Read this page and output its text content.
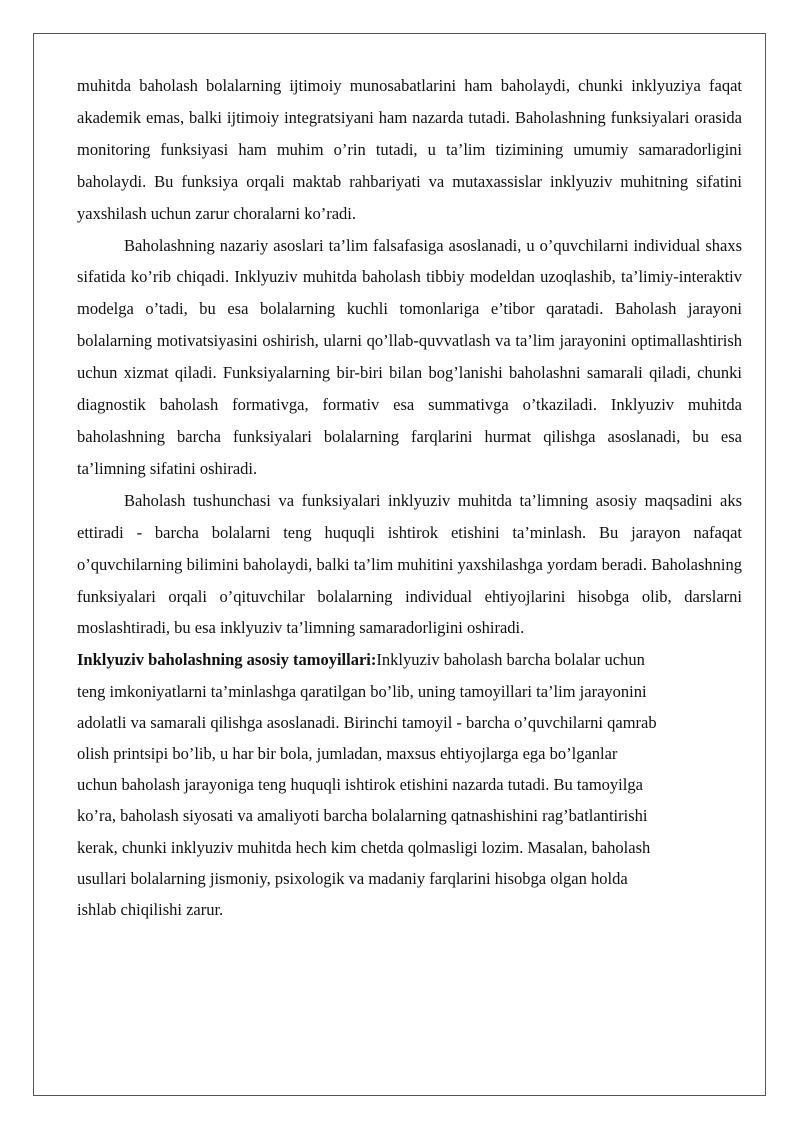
muhitda baholash bolalarning ijtimoiy munosabatlarini ham baholaydi, chunki inklyuziya faqat akademik emas, balki ijtimoiy integratsiyani ham nazarda tutadi. Baholashning funksiyalari orasida monitoring funksiyasi ham muhim o’rin tutadi, u ta’lim tizimining umumiy samaradorligini baholaydi. Bu funksiya orqali maktab rahbariyati va mutaxassislar inklyuziv muhitning sifatini yaxshilash uchun zarur choralarni ko’radi.

Baholashning nazariy asoslari ta’lim falsafasiga asoslanadi, u o’quvchilarni individual shaxs sifatida ko’rib chiqadi. Inklyuziv muhitda baholash tibbiy modeldan uzoqlashib, ta’limiy-interaktiv modelga o’tadi, bu esa bolalarning kuchli tomonlariga e’tibor qaratadi. Baholash jarayoni bolalarning motivatsiyasini oshirish, ularni qo’llab-quvvatlash va ta’lim jarayonini optimallashtirish uchun xizmat qiladi. Funksiyalarning bir-biri bilan bog’lanishi baholashni samarali qiladi, chunki diagnostik baholash formativga, formativ esa summativga o’tkaziladi. Inklyuziv muhitda baholashning barcha funksiyalari bolalarning farqlarini hurmat qilishga asoslanadi, bu esa ta’limning sifatini oshiradi.

Baholash tushunchasi va funksiyalari inklyuziv muhitda ta’limning asosiy maqsadini aks ettiradi - barcha bolalarni teng huquqli ishtirok etishini ta’minlash. Bu jarayon nafaqat o’quvchilarning bilimini baholaydi, balki ta’lim muhitini yaxshilashga yordam beradi. Baholashning funksiyalari orqali o’qituvchilar bolalarning individual ehtiyojlarini hisobga olib, darslarni moslashtiradi, bu esa inklyuziv ta’limning samaradorligini oshiradi.

Inklyuziv baholashning asosiy tamoyillari:Inklyuziv baholash barcha bolalar uchun
teng imkoniyatlarni ta’minlashga qaratilgan bo’lib, uning tamoyillari ta’lim jarayonini
adolatli va samarali qilishga asoslanadi. Birinchi tamoyil - barcha o’quvchilarni qamrab
olish printsipi bo’lib, u har bir bola, jumladan, maxsus ehtiyojlarga ega bo’lganlar
uchun baholash jarayoniga teng huquqli ishtirok etishini nazarda tutadi. Bu tamoyilga
ko’ra, baholash siyosati va amaliyoti barcha bolalarning qatnashishini rag’batlantirishi
kerak, chunki inklyuziv muhitda hech kim chetda qolmasligi lozim. Masalan, baholash
usullari bolalarning jismoniy, psixologik va madaniy farqlarini hisobga olgan holda
ishlab chiqilishi zarur.
